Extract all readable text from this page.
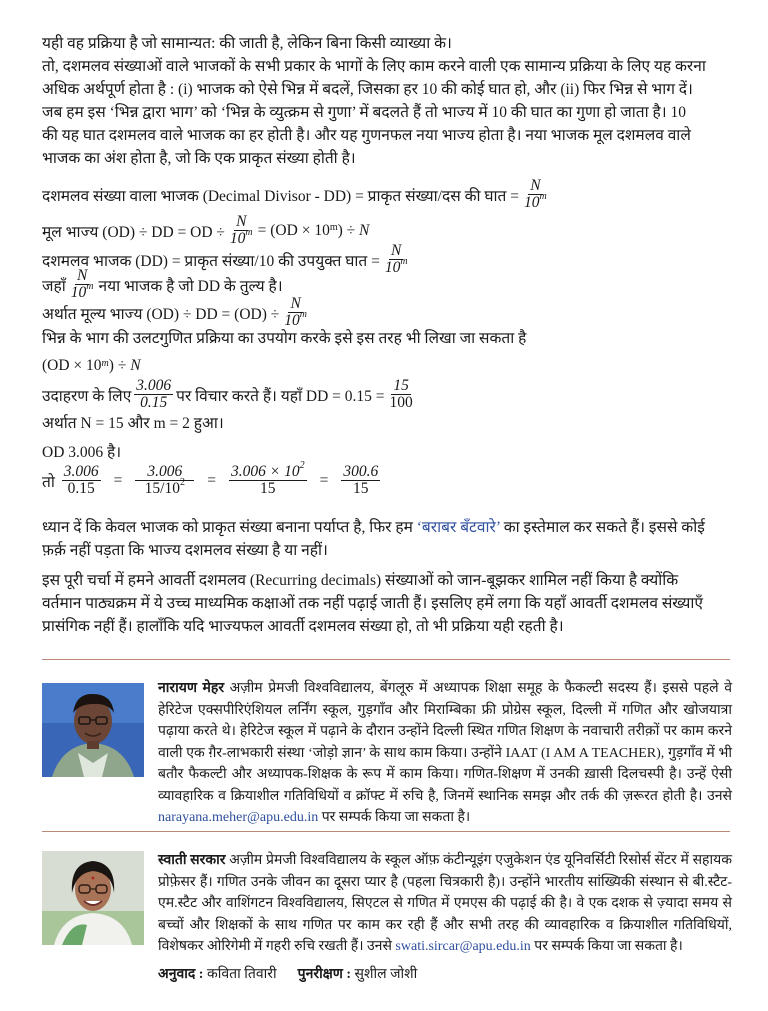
यही वह प्रक्रिया है जो सामान्यत: की जाती है, लेकिन बिना किसी व्याख्या के।
तो, दशमलव संख्याओं वाले भाजकों के सभी प्रकार के भागों के लिए काम करने वाली एक सामान्य प्रक्रिया के लिए यह करना
अधिक अर्थपूर्ण होता है : (i) भाजक को ऐसे भिन्न में बदलें, जिसका हर 10 की कोई घात हो, और (ii) फिर भिन्न से भाग दें।
जब हम इस ‘भिन्न द्वारा भाग’ को ‘भिन्न के व्युत्क्रम से गुणा’ में बदलते हैं तो भाज्य में 10 की घात का गुणा हो जाता है। 10
की यह घात दशमलव वाले भाजक का हर होती है। और यह गुणनफल नया भाज्य होता है। नया भाजक मूल दशमलव वाले
भाजक का अंश होता है, जो कि एक प्राकृत संख्या होती है।
दशमलव संख्या वाला भाजक (Decimal Divisor - DD) = प्राकृत संख्या/दस की घात = $\frac{N}{10^m}$
मूल भाज्य (OD) ÷ DD = OD ÷ $\frac{N}{10^m} = (OD \times 10^m$ ) ÷
N
दशमलव भाजक (DD) = प्राकृत संख्या/10 की उपयुक्त घात = $\frac{N}{10^m}$
जहाँ $\frac{N}{10^m}$ नया भाजक है जो DD के तुल्य है।
अर्थात मूल्य भाज्य (OD) ÷ DD = $(OD) \div \frac{N}{10^m}$
भिन्न के भाग की उलटगुणित प्रक्रिया का उपयोग करके इसे इस तरह भी लिखा जा सकता है
($OD \times 10^m$ ) ÷
N
उदाहरण के लिए $\frac{3.006}{0.15}$ पर विचार करते हैं। यहाँ DD = $0.15 = \frac{15}{100}$
अर्थात N = 15 और m = 2 हुआ।
OD 3.006 है।
तो
$\frac{3.006}{0.15} = \frac{3.006}{15/10^2} = \frac{3.006 \times 10^2}{15} = \frac{300.6}{15}$
ध्यान दें कि केवल भाजक को प्राकृत संख्या बनाना पर्याप्त है, फिर हम ‘बराबर बँटवारे’ का इस्तेमाल कर सकते हैं। इससे कोई
फ़र्क़ नहीं पड़ता कि भाज्य दशमलव संख्या है या नहीं।
इस पूरी चर्चा में हमने आवर्ती दशमलव (Recurring decimals) संख्याओं को जान-बूझकर शामिल नहीं किया है क्योंकि
वर्तमान पाठ्यक्रम में ये उच्च माध्यमिक कक्षाओं तक नहीं पढ़ाई जाती हैं। इसलिए हमें लगा कि यहाँ आवर्ती दशमलव संख्याएँ
प्रासंगिक नहीं हैं। हालाँकि यदि भाज्यफल आवर्ती दशमलव संख्या हो, तो भी प्रक्रिया यही रहती है।
नारायण मेहर अज़ीम प्रेमजी विश्वविद्यालय, बेंगलूरु में अध्यापक शिक्षा समूह के फैकल्टी सदस्य हैं। इससे पहले वे हेरिटेज एक्सपीरिएंशियल लर्निंग स्कूल, गुड़गाँव और मिराम्बिका फ्री प्रोग्रेस स्कूल, दिल्ली में गणित और खोजयात्रा पढ़ाया करते थे। हेरिटेज स्कूल में पढ़ाने के दौरान उन्होंने दिल्ली स्थित गणित शिक्षण के नवाचारी तरीक़ों पर काम करने वाली एक ग़ैर-लाभकारी संस्था ‘जोड़ो ज्ञान’ के साथ काम किया। उन्होंने IAAT (I AM A TEACHER), गुड़गाँव में भी बतौर फैकल्टी और अध्यापक-शिक्षक के रूप में काम किया। गणित-शिक्षण में उनकी ख़ासी दिलचस्पी है। उन्हें ऐसी व्यावहारिक व क्रियाशील गतिविधियों व क्रॉफ्ट में रुचि है, जिनमें स्थानिक समझ और तर्क की ज़रूरत होती है। उनसे narayana.meher@apu.edu.in पर सम्पर्क किया जा सकता है।
स्वाती सरकार अज़ीम प्रेमजी विश्वविद्यालय के स्कूल ऑफ़ कंटीन्यूइंग एजुकेशन एंड यूनिवर्सिटी रिसोर्स सेंटर में सहायक प्रोफ़ेसर हैं। गणित उनके जीवन का दूसरा प्यार है (पहला चित्रकारी है)। उन्होंने भारतीय सांख्यिकी संस्थान से बी.स्टैट-एम.स्टैट और वाशिंगटन विश्वविद्यालय, सिएटल से गणित में एमएस की पढ़ाई की है। वे एक दशक से ज़्यादा समय से बच्चों और शिक्षकों के साथ गणित पर काम कर रही हैं और सभी तरह की व्यावहारिक व क्रियाशील गतिविधियों, विशेषकर ओरिगेमी में गहरी रुचि रखती हैं। उनसे swati.sircar@apu.edu.in पर सम्पर्क किया जा सकता है।
अनुवाद : कविता तिवारी पुनरीक्षण : सुशील जोशी
